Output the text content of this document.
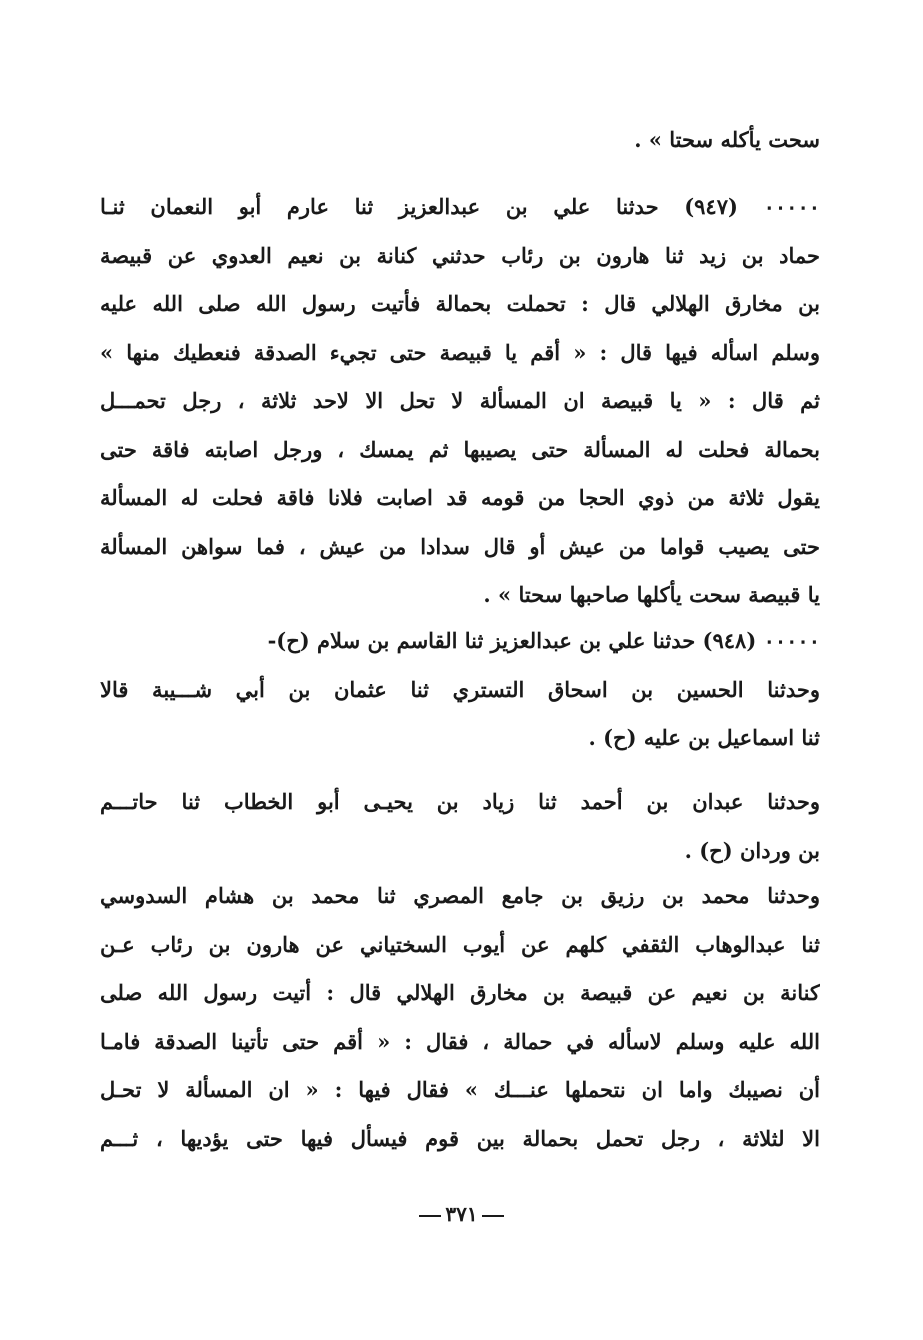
سحت يأكله سحتا » .
٠٠٠٠٠ (٩٤٧) حدثنا علي بن عبدالعزيز ثنا عارم أبو النعمان ثنـا
حماد بن زيد ثنا هارون بن رئاب حدثني كنانة بن نعيم العدوي عن قبيصة
بن مخارق الهلالي قال : تحملت بحمالة فأتيت رسول الله صلى الله عليه
وسلم اسأله فيها قال : « أقم يا قبيصة حتى تجيء الصدقة فنعطيك منها »
ثم قال : « يا قبيصة ان المسألة لا تحل الا لاحد ثلاثة ، رجل تحمـــل
بحمالة فحلت له المسألة حتى يصيبها ثم يمسك ، ورجل اصابته فاقة حتى
يقول ثلاثة من ذوي الحجا من قومه قد اصابت فلانا فاقة فحلت له المسألة
حتى يصيب قواما من عيش أو قال سدادا من عيش ، فما سواهن المسألة
يا قبيصة سحت يأكلها صاحبها سحتا » .
٠٠٠٠٠ (٩٤٨) حدثنا علي بن عبدالعزيز ثنا القاسم بن سلام (ح)-
وحدثنا الحسين بن اسحاق التستري ثنا عثمان بن أبي شـــيبة قالا
ثنا اسماعيل بن عليه (ح) .
وحدثنا عبدان بن أحمد ثنا زياد بن يحيـى أبو الخطاب ثنا حاتـــم
بن وردان (ح) .
وحدثنا محمد بن رزيق بن جامع المصري ثنا محمد بن هشام السدوسي
ثنا عبدالوهاب الثقفي كلهم عن أيوب السختياني عن هارون بن رئاب عـن
كنانة بن نعيم عن قبيصة بن مخارق الهلالي قال : أتيت رسول الله صلى
الله عليه وسلم لاسأله في حمالة ، فقال : « أقم حتى تأتينا الصدقة فامـا
أن نصيبك واما ان نتحملها عنـــك » فقال فيها : « ان المسألة لا تحـل
الا لثلاثة ، رجل تحمل بحمالة بين قوم فيسأل فيها حتى يؤديها ، ثـــم
٣٧١
